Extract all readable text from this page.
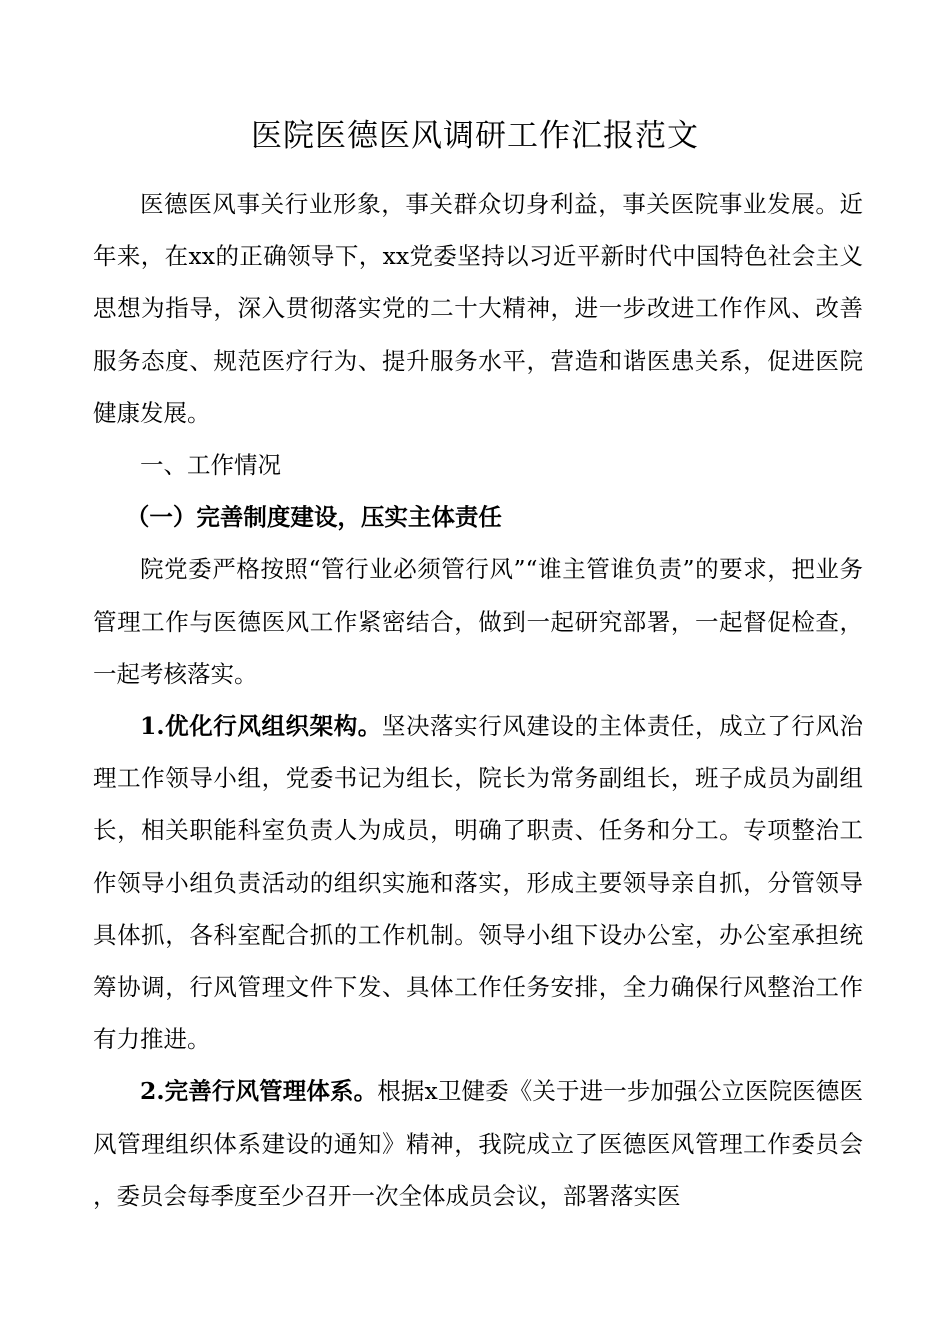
医院医德医风调研工作汇报范文

医德医风事关行业形象，事关群众切身利益，事关医院事业发展。近年来，在xx的正确领导下，xx党委坚持以习近平新时代中国特色社会主义思想为指导，深入贯彻落实党的二十大精神，进一步改进工作作风、改善服务态度、规范医疗行为、提升服务水平，营造和谐医患关系，促进医院健康发展。

一、工作情况

（一）完善制度建设，压实主体责任

院党委严格按照“管行业必须管行风”“谁主管谁负责”的要求，把业务管理工作与医德医风工作紧密结合，做到一起研究部署，一起督促检查，一起考核落实。

1.优化行风组织架构。坚决落实行风建设的主体责任，成立了行风治理工作领导小组，党委书记为组长，院长为常务副组长，班子成员为副组长，相关职能科室负责人为成员，明确了职责、任务和分工。专项整治工作领导小组负责活动的组织实施和落实，形成主要领导亲自抓，分管领导具体抓，各科室配合抓的工作机制。领导小组下设办公室，办公室承担统筹协调，行风管理文件下发、具体工作任务安排，全力确保行风整治工作有力推进。

2.完善行风管理体系。根据x卫健委《关于进一步加强公立医院医德医风管理组织体系建设的通知》精神，我院成立了医德医风管理工作委员会，委员会每季度至少召开一次全体成员会议，部署落实医
